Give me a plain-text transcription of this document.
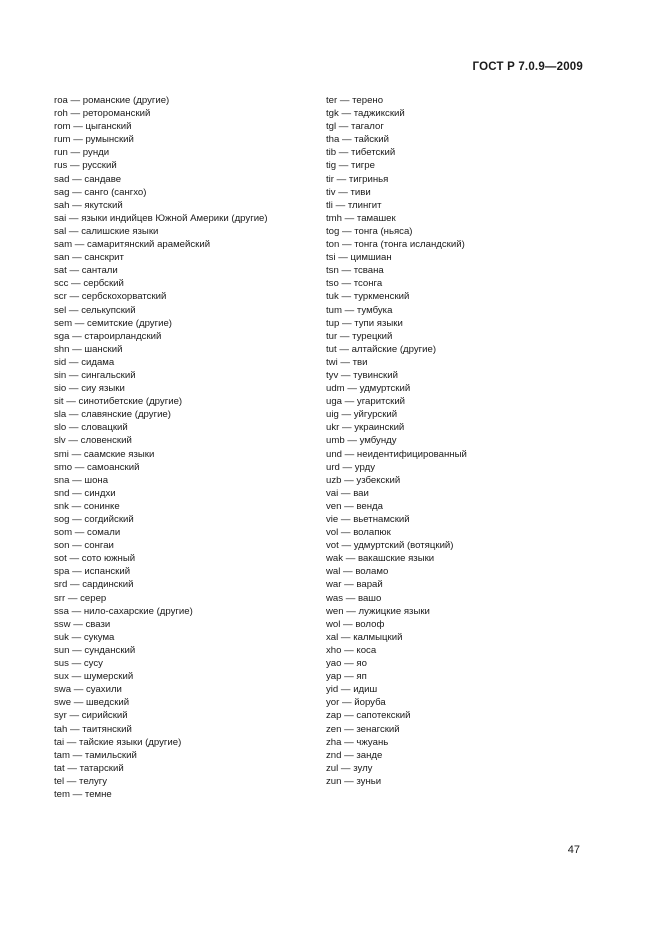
ГОСТ Р 7.0.9—2009
roa — романские (другие)
roh — ретороманский
rom — цыганский
rum — румынский
run — рунди
rus — русский
sad — сандаве
sag — санго (сангхо)
sah — якутский
sai — языки индийцев Южной Америки (другие)
sal — салишские языки
sam — самаритянский арамейский
san — санскрит
sat — сантали
scc — сербский
scr — сербскохорватский
sel — селькупский
sem — семитские (другие)
sga — староирландский
shn — шанский
sid — сидама
sin — сингальский
sio — сиу языки
sit — синотибетские (другие)
sla — славянские (другие)
slo — словацкий
slv — словенский
smi — саамские языки
smo — самоанский
sna — шона
snd — синдхи
snk — сонинке
sog — согдийский
som — сомали
son — сонгаи
sot — сото южный
spa — испанский
srd — сардинский
srr — серер
ssa — нило-сахарские (другие)
ssw — свази
suk — сукума
sun — сунданский
sus — сусу
sux — шумерский
swa — суахили
swe — шведский
syr — сирийский
tah — таитянский
tai — тайские языки (другие)
tam — тамильский
tat — татарский
tel — телугу
tem — темне
ter — терено
tgk — таджикский
tgl — тагалог
tha — тайский
tib — тибетский
tig — тигре
tir — тигринья
tiv — тиви
tli — тлингит
tmh — тамашек
tog — тонга (ньяса)
ton — тонга (тонга исландский)
tsi — цимшиан
tsn — тсвана
tso — тсонга
tuk — туркменский
tum — тумбука
tup — тупи языки
tur — турецкий
tut — алтайские (другие)
twi — тви
tyv — тувинский
udm — удмуртский
uga — угаритский
uig — уйгурский
ukr — украинский
umb — умбунду
und — неидентифицированный
urd — урду
uzb — узбекский
vai — ваи
ven — венда
vie — вьетнамский
vol — волапюк
vot — удмуртский (вотяцкий)
wak — вакашские языки
wal — воламо
war — варай
was — вашо
wen — лужицкие языки
wol — волоф
xal — калмыцкий
xho — коса
yao — яо
yap — яп
yid — идиш
yor — йоруба
zap — сапотекский
zen — зенагский
zha — чжуань
znd — занде
zul — зулу
zun — зуньи
47
